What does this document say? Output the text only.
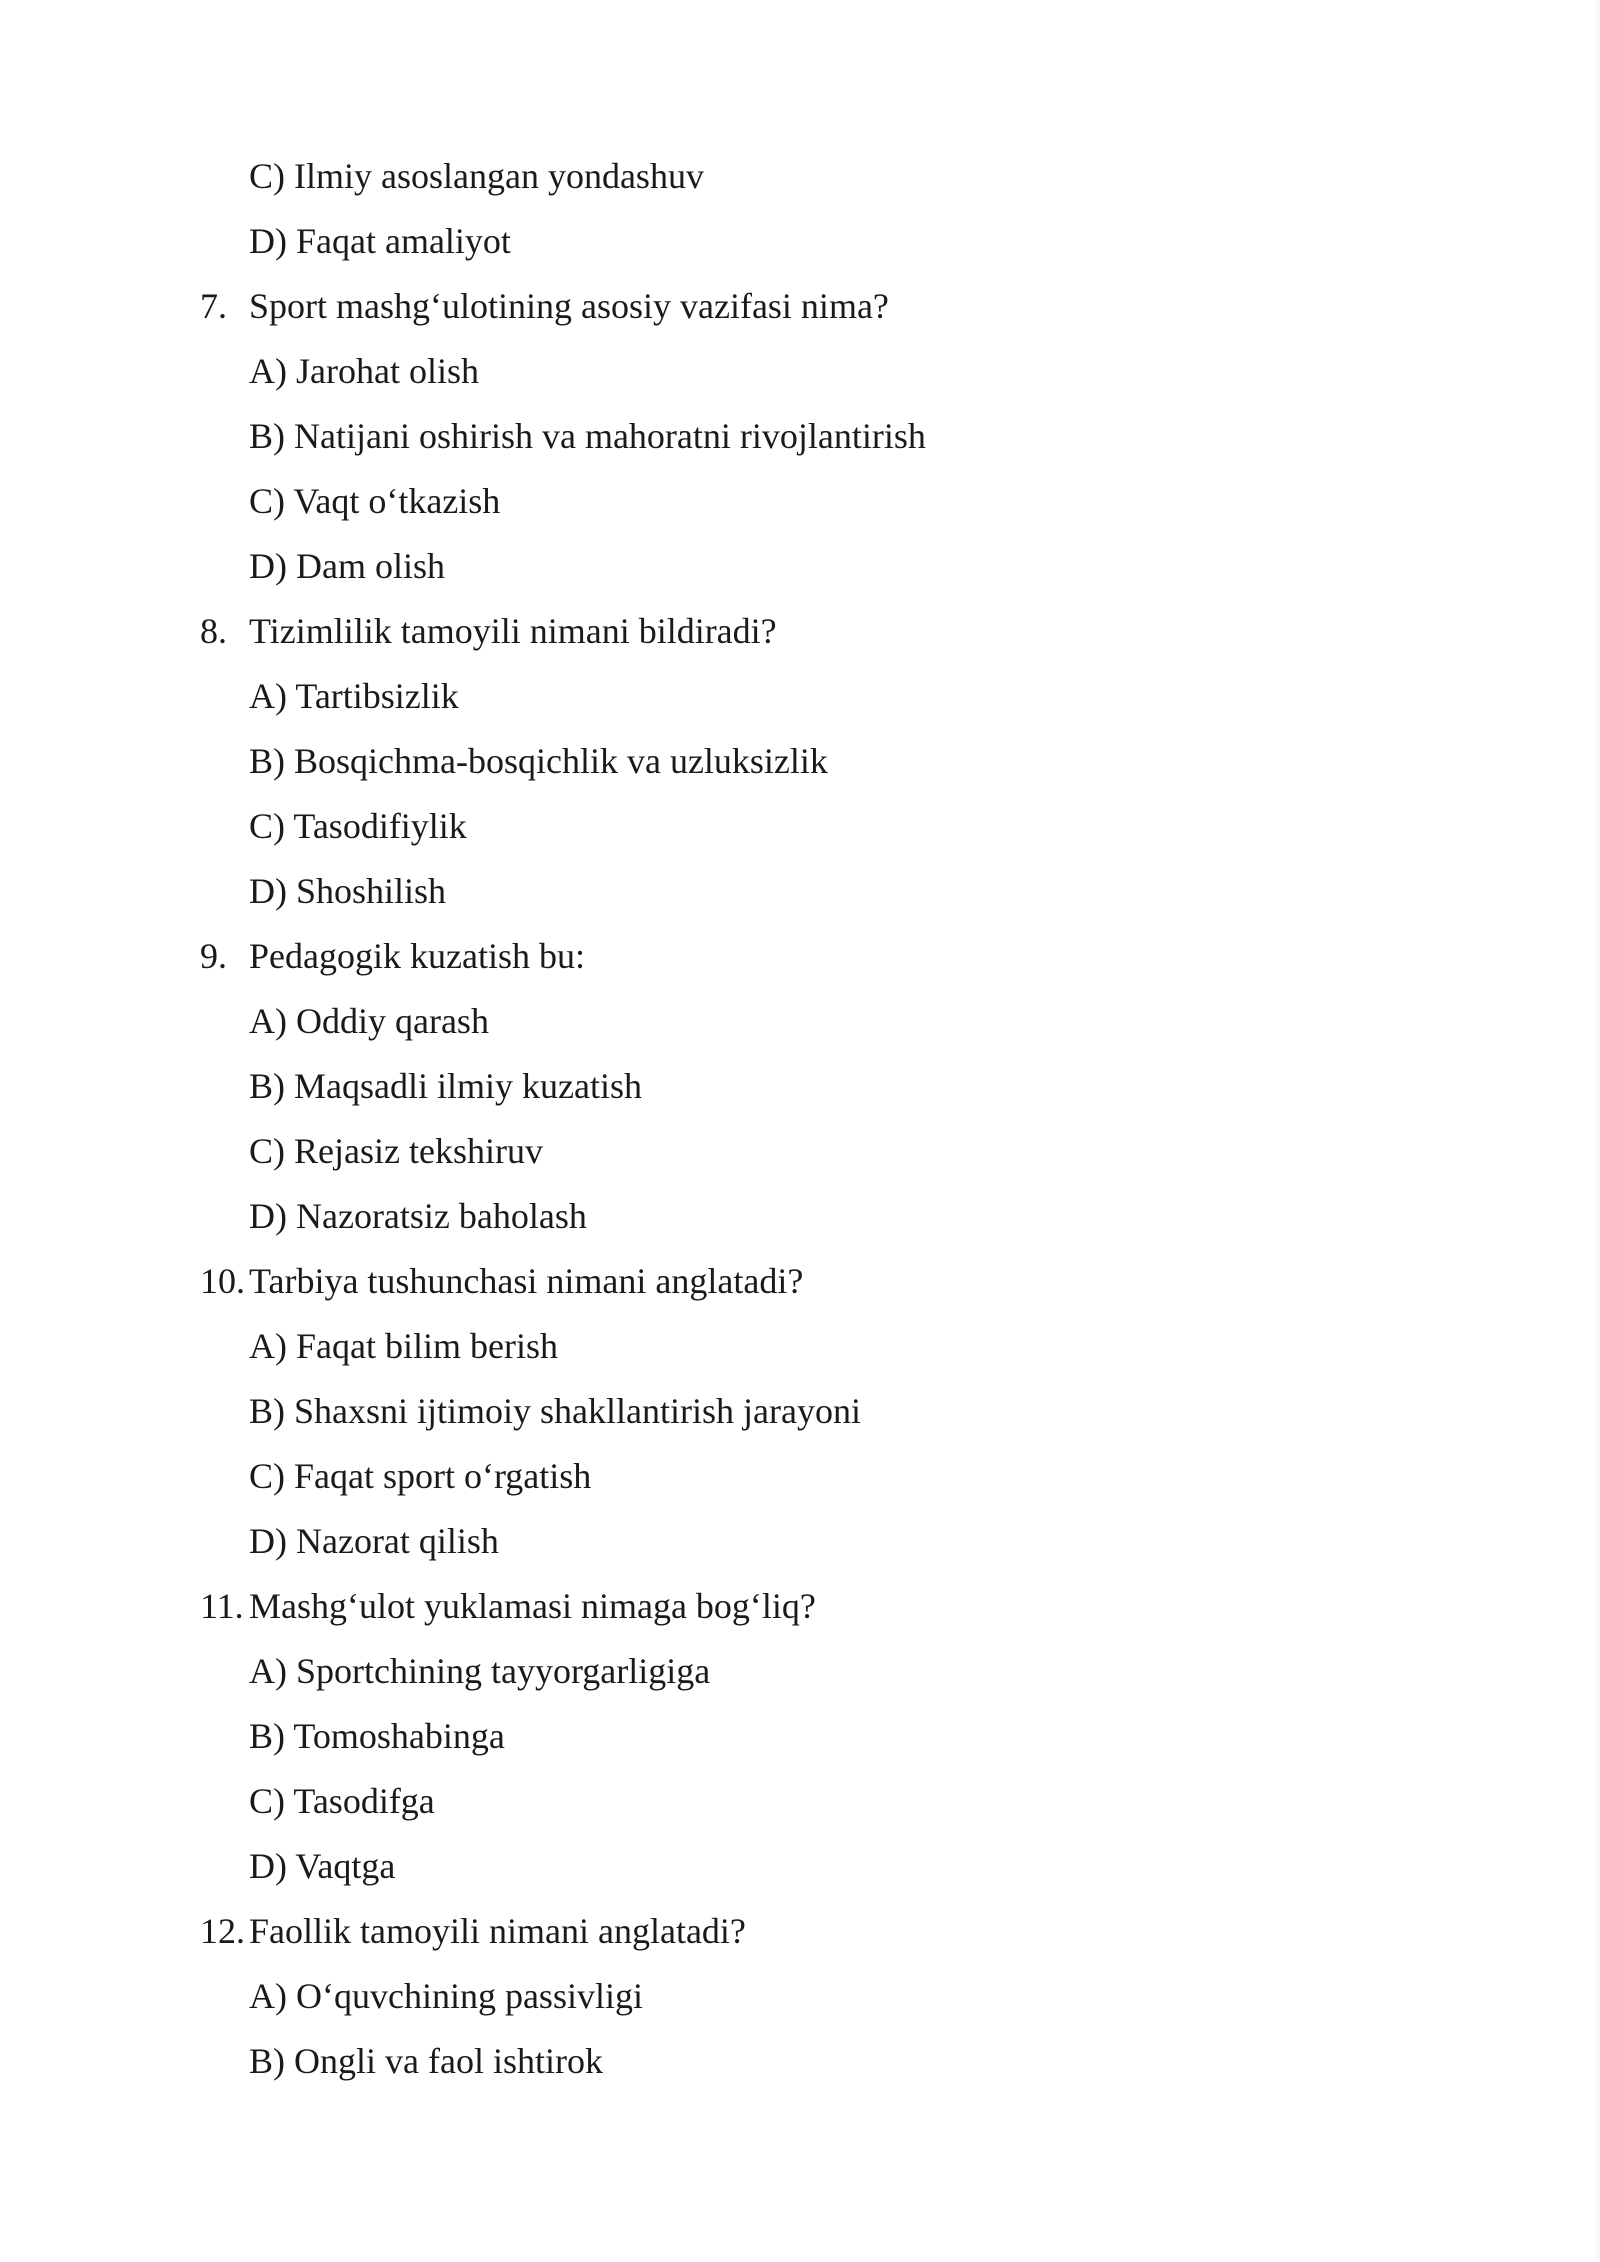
C) Ilmiy asoslangan yondashuv
D) Faqat amaliyot
7. Sport mashg‘ulotining asosiy vazifasi nima?
A) Jarohat olish
B) Natijani oshirish va mahoratni rivojlantirish
C) Vaqt o‘tkazish
D) Dam olish
8. Tizimlilik tamoyili nimani bildiradi?
A) Tartibsizlik
B) Bosqichma-bosqichlik va uzluksizlik
C) Tasodifiylik
D) Shoshilish
9. Pedagogik kuzatish bu:
A) Oddiy qarash
B) Maqsadli ilmiy kuzatish
C) Rejasiz tekshiruv
D) Nazoratsiz baholash
10. Tarbiya tushunchasi nimani anglatadi?
A) Faqat bilim berish
B) Shaxsni ijtimoiy shakllantirish jarayoni
C) Faqat sport o‘rgatish
D) Nazorat qilish
11. Mashg‘ulot yuklamasi nimaga bog‘liq?
A) Sportchining tayyorgarligiga
B) Tomoshabinga
C) Tasodifga
D) Vaqtga
12. Faollik tamoyili nimani anglatadi?
A) O‘quvchining passivligi
B) Ongli va faol ishtirok
